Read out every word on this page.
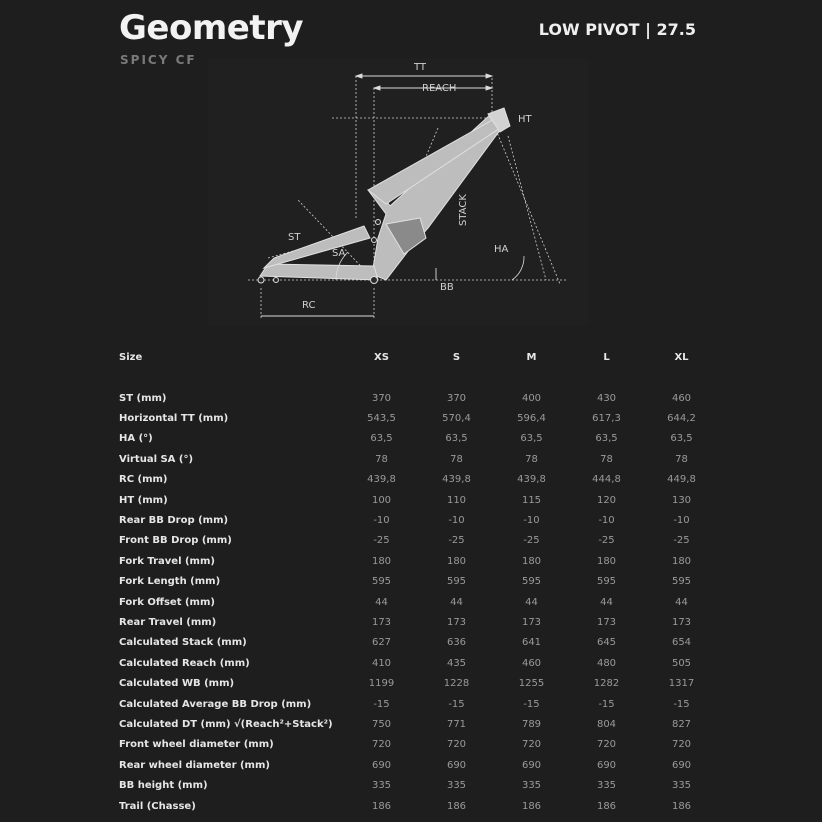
Geometry
SPICY CF
LOW PIVOT | 27.5
TT
REACH
HT
ST
SA	HA
BB
RC
STACK
Size	XS	S	M	L	XL

ST (mm)	370	370	400	430	460
Horizontal TT (mm)	543,5	570,4	596,4	617,3	644,2
HA (°)	63,5	63,5	63,5	63,5	63,5
Virtual SA (°)	78	78	78	78	78
RC (mm)	439,8	439,8	439,8	444,8	449,8
HT (mm)	100	110	115	120	130
Rear BB Drop (mm)	-10	-10	-10	-10	-10
Front BB Drop (mm)	-25	-25	-25	-25	-25
Fork Travel (mm)	180	180	180	180	180
Fork Length (mm)	595	595	595	595	595
Fork Offset (mm)	44	44	44	44	44
Rear Travel (mm)	173	173	173	173	173
Calculated Stack (mm)	627	636	641	645	654
Calculated Reach (mm)	410	435	460	480	505
Calculated WB (mm)	1199	1228	1255	1282	1317
Calculated Average BB Drop (mm)	-15	-15	-15	-15	-15
Calculated DT (mm) √(Reach²+Stack²)	750	771	789	804	827
Front wheel diameter (mm)	720	720	720	720	720
Rear wheel diameter (mm)	690	690	690	690	690
BB height (mm)	335	335	335	335	335
Trail (Chasse)	186	186	186	186	186
